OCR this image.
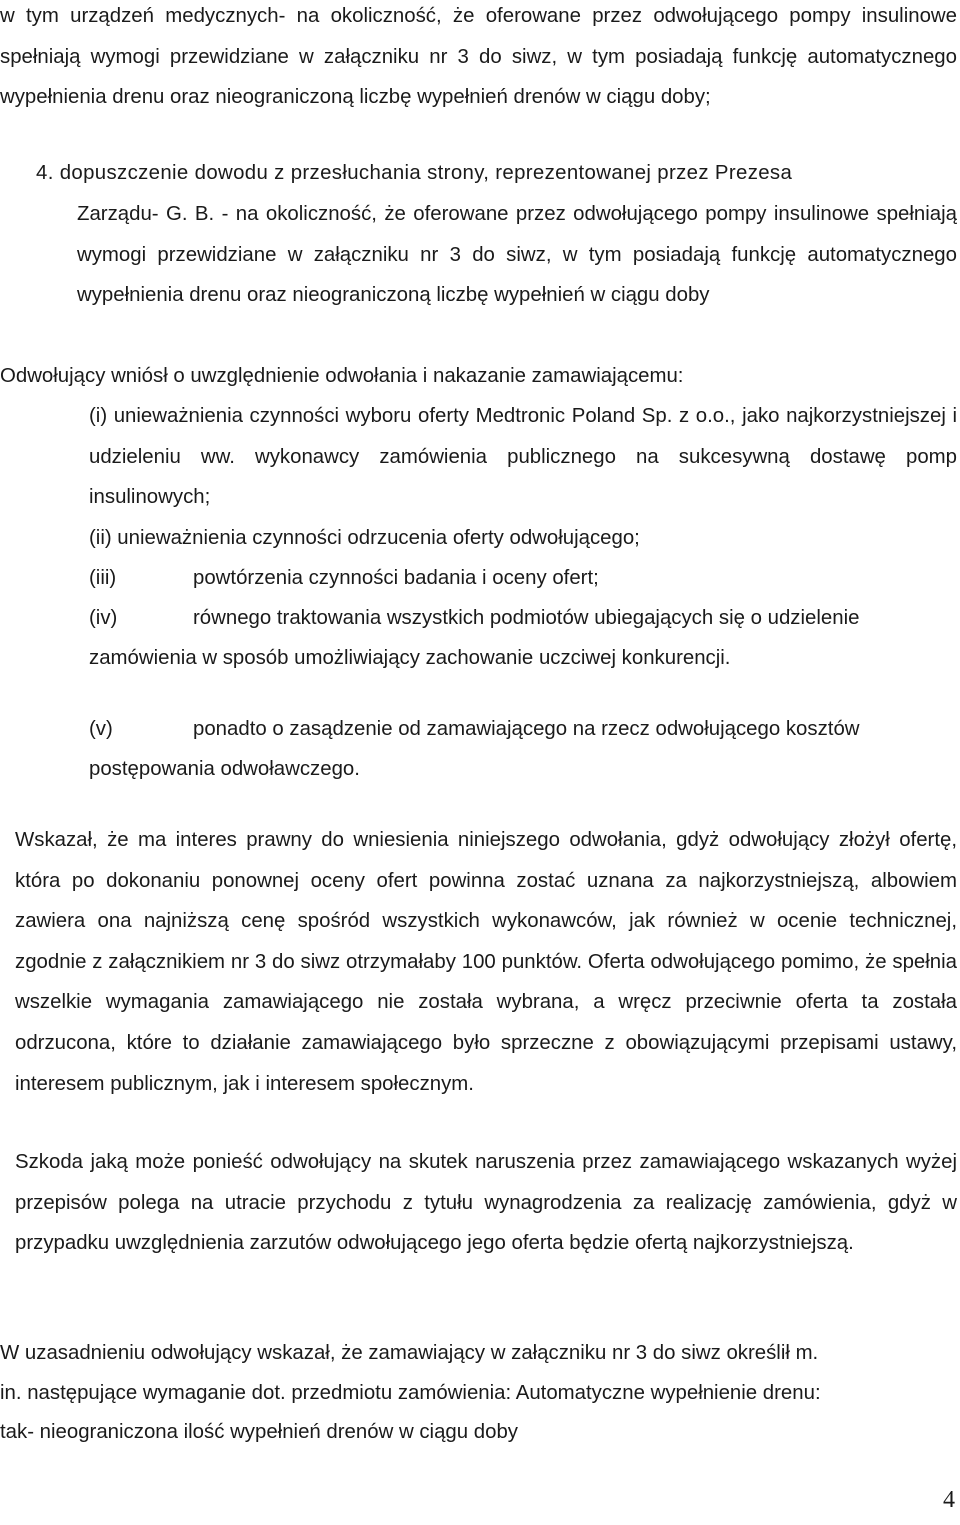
w tym urządzeń medycznych- na okoliczność, że oferowane przez odwołującego pompy insulinowe spełniają wymogi przewidziane w załączniku nr 3 do siwz, w tym posiadają funkcję automatycznego wypełnienia drenu oraz nieograniczoną liczbę wypełnień drenów w ciągu doby;

4. dopuszczenie dowodu z przesłuchania strony, reprezentowanej przez Prezesa

Zarządu- G. B. - na okoliczność, że oferowane przez odwołującego pompy insulinowe spełniają wymogi przewidziane w załączniku nr 3 do siwz, w tym posiadają funkcję automatycznego wypełnienia drenu oraz nieograniczoną liczbę wypełnień w ciągu doby

Odwołujący wniósł o uwzględnienie odwołania i nakazanie zamawiającemu:

(i) unieważnienia czynności wyboru oferty Medtronic Poland Sp. z o.o., jako najkorzystniejszej i udzieleniu ww. wykonawcy zamówienia publicznego na sukcesywną dostawę pomp insulinowych;

(ii) unieważnienia czynności odrzucenia oferty odwołującego;

(iii)	powtórzenia czynności badania i oceny ofert;

(iv)	równego traktowania wszystkich podmiotów ubiegających się o udzielenie

zamówienia w sposób umożliwiający zachowanie uczciwej konkurencji.

(v)	ponadto o zasądzenie od zamawiającego na rzecz odwołującego kosztów

postępowania odwoławczego.

Wskazał, że ma interes prawny do wniesienia niniejszego odwołania, gdyż odwołujący złożył ofertę, która po dokonaniu ponownej oceny ofert powinna zostać uznana za najkorzystniejszą, albowiem zawiera ona najniższą cenę spośród wszystkich wykonawców, jak również w ocenie technicznej, zgodnie z załącznikiem nr 3 do siwz otrzymałaby 100 punktów. Oferta odwołującego pomimo, że spełnia wszelkie wymagania zamawiającego nie została wybrana, a wręcz przeciwnie oferta ta została odrzucona, które to działanie zamawiającego było sprzeczne z obowiązującymi przepisami ustawy, interesem publicznym, jak i interesem społecznym.

Szkoda jaką może ponieść odwołujący na skutek naruszenia przez zamawiającego wskazanych wyżej przepisów polega na utracie przychodu z tytułu wynagrodzenia za realizację zamówienia, gdyż w przypadku uwzględnienia zarzutów odwołującego jego oferta będzie ofertą najkorzystniejszą.

W uzasadnieniu odwołujący wskazał, że zamawiający w załączniku nr 3 do siwz określił m.

in. następujące wymaganie dot. przedmiotu zamówienia: Automatyczne wypełnienie drenu:

tak- nieograniczona ilość wypełnień drenów w ciągu doby

4
